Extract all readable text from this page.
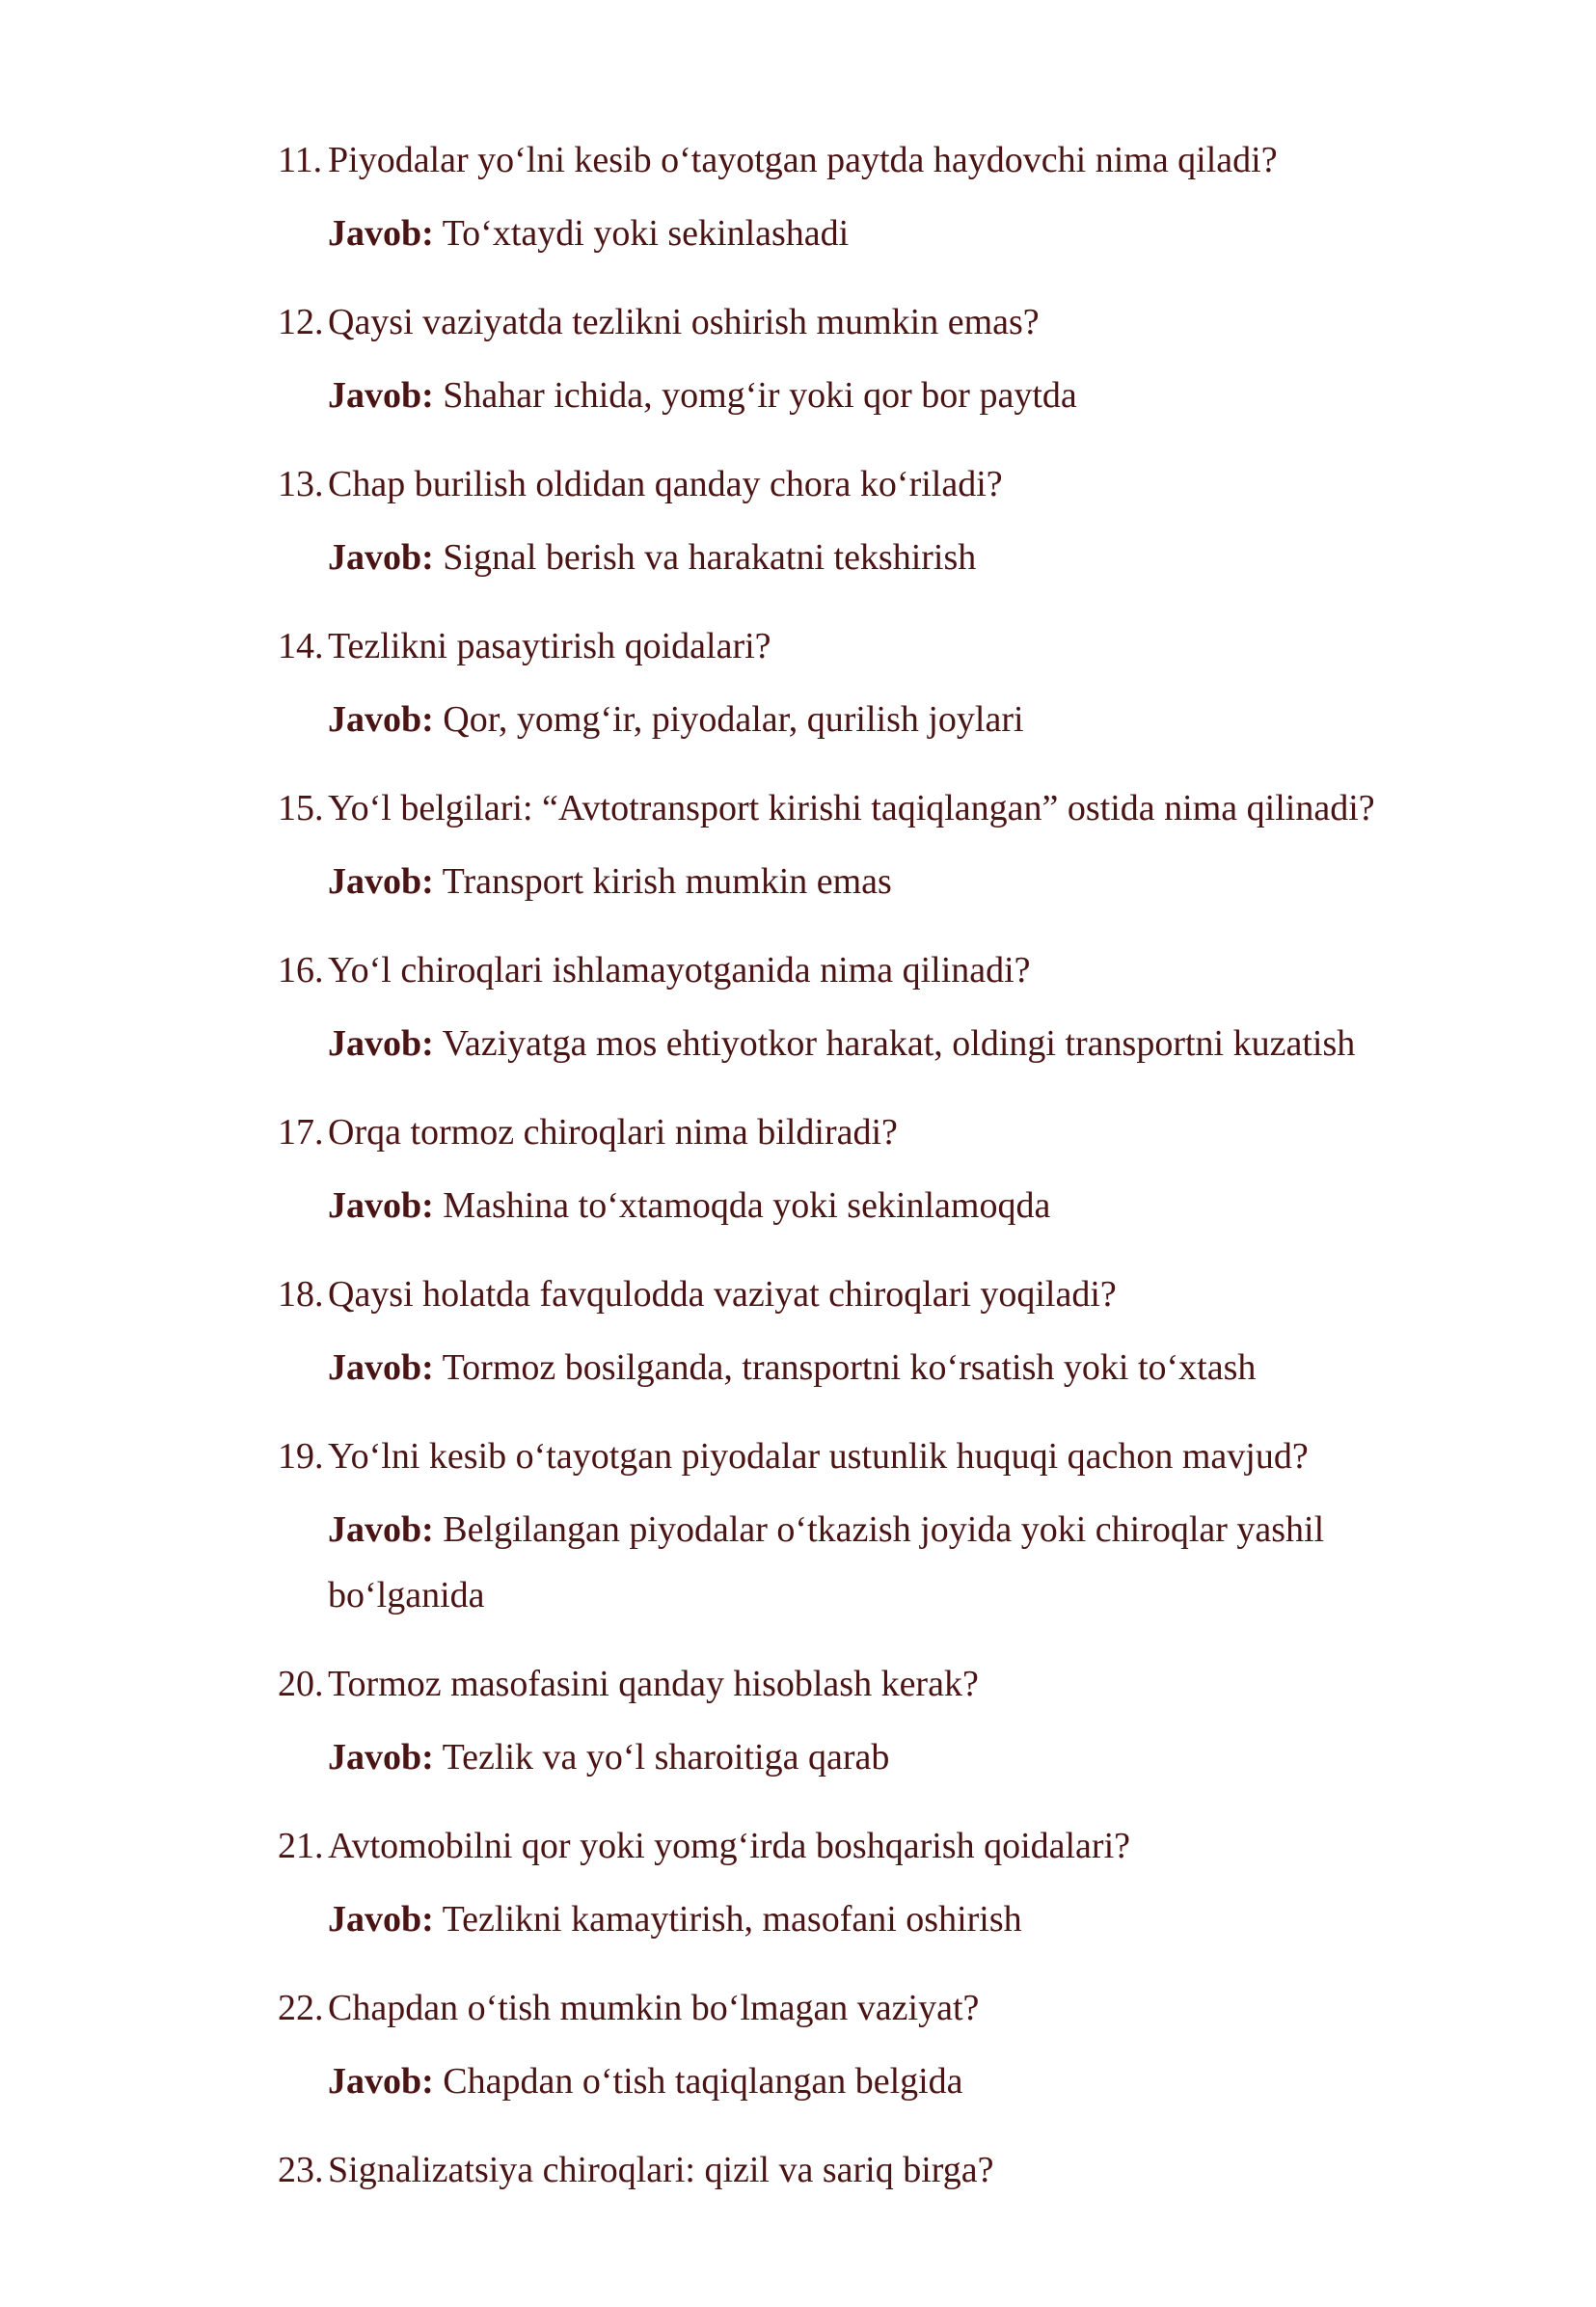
11. Piyodalar yo‘lni kesib o‘tayotgan paytda haydovchi nima qiladi?
Javob: To‘xtaydi yoki sekinlashadi
12. Qaysi vaziyatda tezlikni oshirish mumkin emas?
Javob: Shahar ichida, yomg‘ir yoki qor bor paytda
13. Chap burilish oldidan qanday chora ko‘riladi?
Javob: Signal berish va harakatni tekshirish
14. Tezlikni pasaytirish qoidalari?
Javob: Qor, yomg‘ir, piyodalar, qurilish joylari
15. Yo‘l belgilari: “Avtotransport kirishi taqiqlangan” ostida nima qilinadi?
Javob: Transport kirish mumkin emas
16. Yo‘l chiroqlari ishlamayotganida nima qilinadi?
Javob: Vaziyatga mos ehtiyotkor harakat, oldingi transportni kuzatish
17. Orqa tormoz chiroqlari nima bildiradi?
Javob: Mashina to‘xtamoqda yoki sekinlamoqda
18. Qaysi holatda favqulodda vaziyat chiroqlari yoqiladi?
Javob: Tormoz bosilganda, transportni ko‘rsatish yoki to‘xtash
19. Yo‘lni kesib o‘tayotgan piyodalar ustunlik huquqi qachon mavjud?
Javob: Belgilangan piyodalar o‘tkazish joyida yoki chiroqlar yashil bo‘lganida
20. Tormoz masofasini qanday hisoblash kerak?
Javob: Tezlik va yo‘l sharoitiga qarab
21. Avtomobilni qor yoki yomg‘irda boshqarish qoidalari?
Javob: Tezlikni kamaytirish, masofani oshirish
22. Chapdan o‘tish mumkin bo‘lmagan vaziyat?
Javob: Chapdan o‘tish taqiqlangan belgida
23. Signalizatsiya chiroqlari: qizil va sariq birga?
